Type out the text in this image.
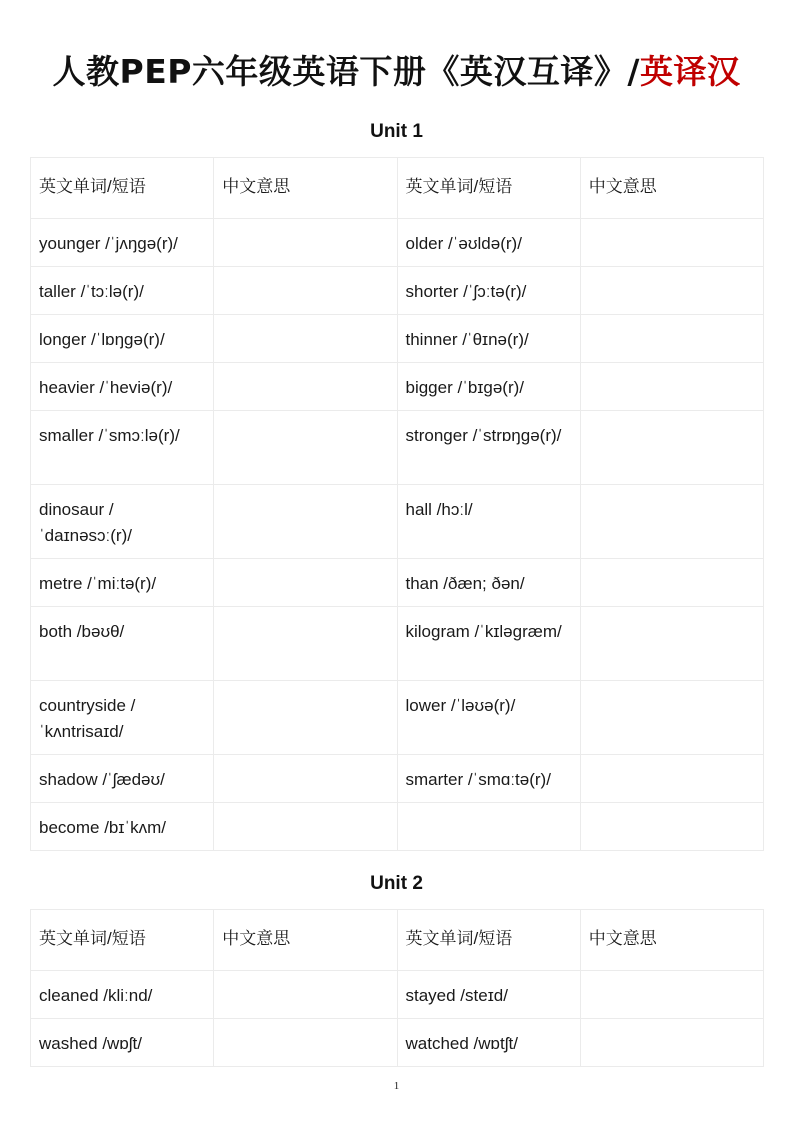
人教PEP六年级英语下册《英汉互译》/英译汉
Unit 1
英文单词/短语	中文意思	英文单词/短语	中文意思
younger /ˈjʌŋɡə(r)/		older /ˈəʊldə(r)/	
taller /ˈtɔːlə(r)/		shorter /ˈʃɔːtə(r)/	
longer /ˈlɒŋɡə(r)/		thinner /ˈθɪnə(r)/	
heavier /ˈheviə(r)/		bigger /ˈbɪɡə(r)/	
smaller /ˈsmɔːlə(r)/		stronger /ˈstrɒŋɡə(r)/	
dinosaur /ˈdaɪnəsɔː(r)/		hall /hɔːl/	
metre /ˈmiːtə(r)/		than /ðæn; ðən/	
both /bəʊθ/		kilogram /ˈkɪləɡræm/	
countryside /ˈkʌntrisaɪd/		lower /ˈləʊə(r)/	
shadow /ˈʃædəʊ/		smarter /ˈsmɑːtə(r)/	
become /bɪˈkʌm/			
Unit 2
英文单词/短语	中文意思	英文单词/短语	中文意思
cleaned /kliːnd/		stayed /steɪd/	
washed /wɒʃt/		watched /wɒtʃt/	
1
